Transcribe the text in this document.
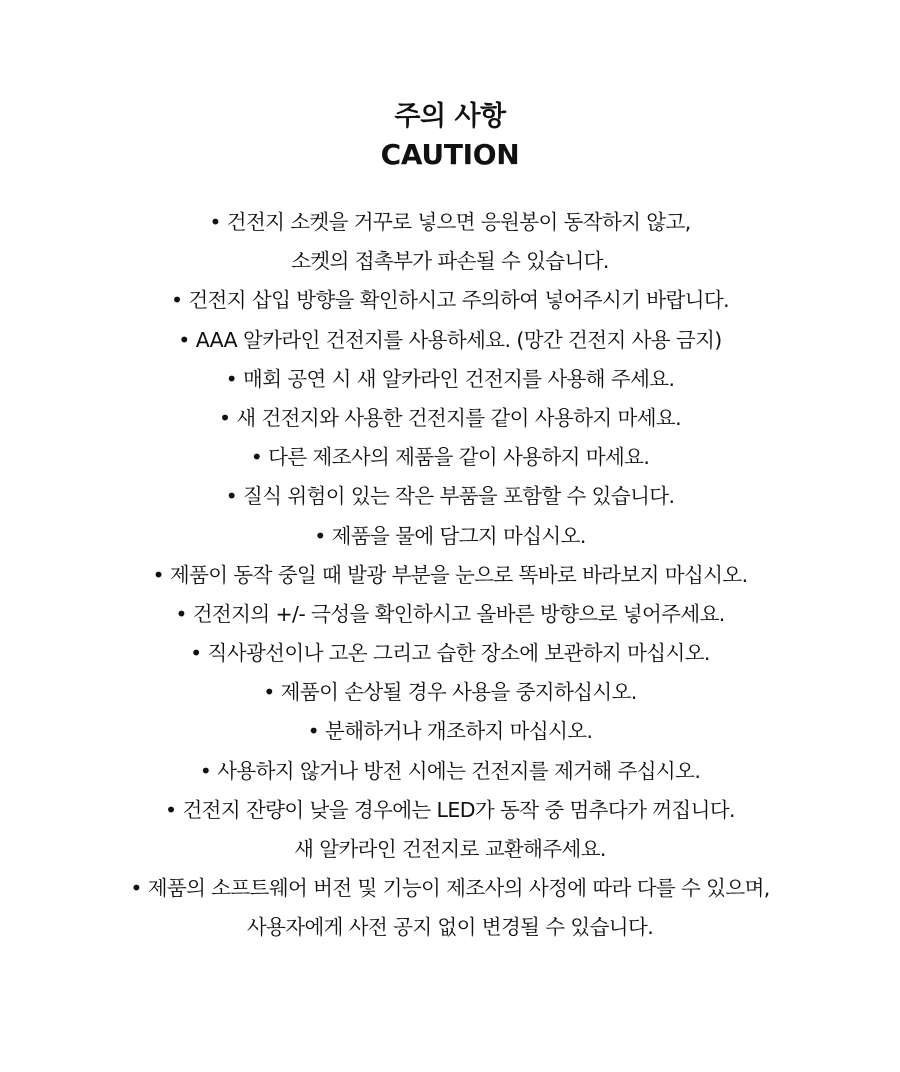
주의 사항
CAUTION
• 건전지 소켓을 거꾸로 넣으면 응원봉이 동작하지 않고,
소켓의 접촉부가 파손될 수 있습니다.
• 건전지 삽입 방향을 확인하시고 주의하여 넣어주시기 바랍니다.
• AAA 알카라인 건전지를 사용하세요. (망간 건전지 사용 금지)
• 매회 공연 시 새 알카라인 건전지를 사용해 주세요.
• 새 건전지와 사용한 건전지를 같이 사용하지 마세요.
• 다른 제조사의 제품을 같이 사용하지 마세요.
• 질식 위험이 있는 작은 부품을 포함할 수 있습니다.
• 제품을 물에 담그지 마십시오.
• 제품이 동작 중일 때 발광 부분을 눈으로 똑바로 바라보지 마십시오.
• 건전지의 +/- 극성을 확인하시고 올바른 방향으로 넣어주세요.
• 직사광선이나 고온 그리고 습한 장소에 보관하지 마십시오.
• 제품이 손상될 경우 사용을 중지하십시오.
• 분해하거나 개조하지 마십시오.
• 사용하지 않거나 방전 시에는 건전지를 제거해 주십시오.
• 건전지 잔량이 낮을 경우에는 LED가 동작 중 멈추다가 꺼집니다.
새 알카라인 건전지로 교환해주세요.
• 제품의 소프트웨어 버전 및 기능이 제조사의 사정에 따라 다를 수 있으며,
사용자에게 사전 공지 없이 변경될 수 있습니다.
